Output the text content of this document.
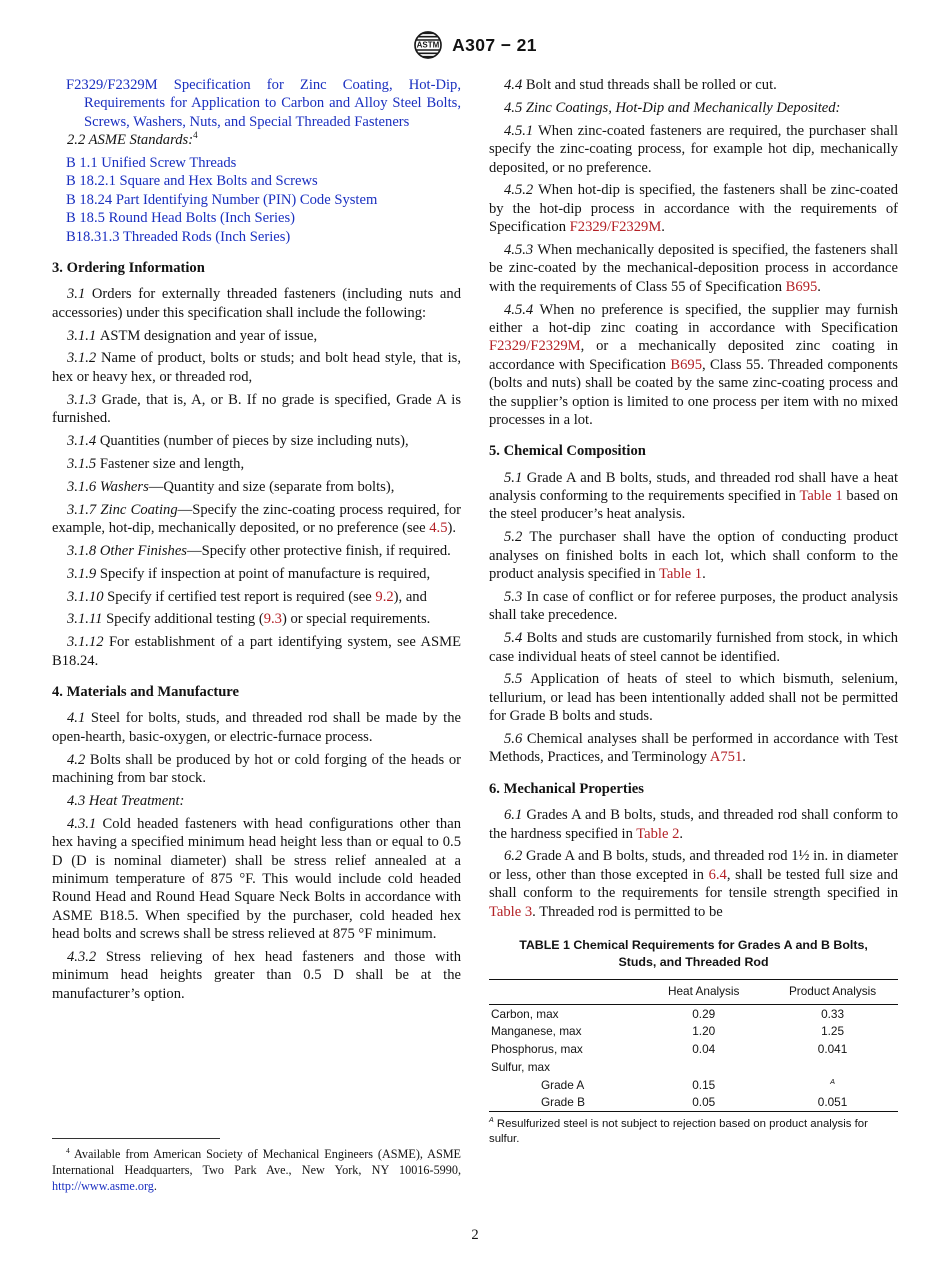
ASTM A307 − 21
F2329/F2329M Specification for Zinc Coating, Hot-Dip, Requirements for Application to Carbon and Alloy Steel Bolts, Screws, Washers, Nuts, and Special Threaded Fasteners
2.2 ASME Standards:$^4$
B 1.1 Unified Screw Threads
B 18.2.1 Square and Hex Bolts and Screws
B 18.24 Part Identifying Number (PIN) Code System
B 18.5 Round Head Bolts (Inch Series)
B18.31.3 Threaded Rods (Inch Series)
3. Ordering Information
3.1 Orders for externally threaded fasteners (including nuts and accessories) under this specification shall include the following:
3.1.1 ASTM designation and year of issue,
3.1.2 Name of product, bolts or studs; and bolt head style, that is, hex or heavy hex, or threaded rod,
3.1.3 Grade, that is, A, or B. If no grade is specified, Grade A is furnished.
3.1.4 Quantities (number of pieces by size including nuts),
3.1.5 Fastener size and length,
3.1.6 Washers—Quantity and size (separate from bolts),
3.1.7 Zinc Coating—Specify the zinc-coating process required, for example, hot-dip, mechanically deposited, or no preference (see 4.5).
3.1.8 Other Finishes—Specify other protective finish, if required.
3.1.9 Specify if inspection at point of manufacture is required,
3.1.10 Specify if certified test report is required (see 9.2), and
3.1.11 Specify additional testing (9.3) or special requirements.
3.1.12 For establishment of a part identifying system, see ASME B18.24.
4. Materials and Manufacture
4.1 Steel for bolts, studs, and threaded rod shall be made by the open-hearth, basic-oxygen, or electric-furnace process.
4.2 Bolts shall be produced by hot or cold forging of the heads or machining from bar stock.
4.3 Heat Treatment:
4.3.1 Cold headed fasteners with head configurations other than hex having a specified minimum head height less than or equal to 0.5 D (D is nominal diameter) shall be stress relief annealed at a minimum temperature of 875 °F. This would include cold headed Round Head and Round Head Square Neck Bolts in accordance with ASME B18.5. When specified by the purchaser, cold headed hex head bolts and screws shall be stress relieved at 875 °F minimum.
4.3.2 Stress relieving of hex head fasteners and those with minimum head heights greater than 0.5 D shall be at the manufacturer’s option.
$^4$ Available from American Society of Mechanical Engineers (ASME), ASME International Headquarters, Two Park Ave., New York, NY 10016-5990, http://www.asme.org.
4.4 Bolt and stud threads shall be rolled or cut.
4.5 Zinc Coatings, Hot-Dip and Mechanically Deposited:
4.5.1 When zinc-coated fasteners are required, the purchaser shall specify the zinc-coating process, for example hot dip, mechanically deposited, or no preference.
4.5.2 When hot-dip is specified, the fasteners shall be zinc-coated by the hot-dip process in accordance with the requirements of Specification F2329/F2329M.
4.5.3 When mechanically deposited is specified, the fasteners shall be zinc-coated by the mechanical-deposition process in accordance with the requirements of Class 55 of Specification B695.
4.5.4 When no preference is specified, the supplier may furnish either a hot-dip zinc coating in accordance with Specification F2329/F2329M, or a mechanically deposited zinc coating in accordance with Specification B695, Class 55. Threaded components (bolts and nuts) shall be coated by the same zinc-coating process and the supplier’s option is limited to one process per item with no mixed processes in a lot.
5. Chemical Composition
5.1 Grade A and B bolts, studs, and threaded rod shall have a heat analysis conforming to the requirements specified in Table 1 based on the steel producer’s heat analysis.
5.2 The purchaser shall have the option of conducting product analyses on finished bolts in each lot, which shall conform to the product analysis specified in Table 1.
5.3 In case of conflict or for referee purposes, the product analysis shall take precedence.
5.4 Bolts and studs are customarily furnished from stock, in which case individual heats of steel cannot be identified.
5.5 Application of heats of steel to which bismuth, selenium, tellurium, or lead has been intentionally added shall not be permitted for Grade B bolts and studs.
5.6 Chemical analyses shall be performed in accordance with Test Methods, Practices, and Terminology A751.
6. Mechanical Properties
6.1 Grades A and B bolts, studs, and threaded rod shall conform to the hardness specified in Table 2.
6.2 Grade A and B bolts, studs, and threaded rod 1½ in. in diameter or less, other than those excepted in 6.4, shall be tested full size and shall conform to the requirements for tensile strength specified in Table 3. Threaded rod is permitted to be
TABLE 1 Chemical Requirements for Grades A and B Bolts, Studs, and Threaded Rod
	Heat Analysis	Product Analysis
Carbon, max	0.29	0.33
Manganese, max	1.20	1.25
Phosphorus, max	0.04	0.041
Sulfur, max		
Grade A	0.15	$^A$
Grade B	0.05	0.051
$^A$ Resulfurized steel is not subject to rejection based on product analysis for sulfur.
2
